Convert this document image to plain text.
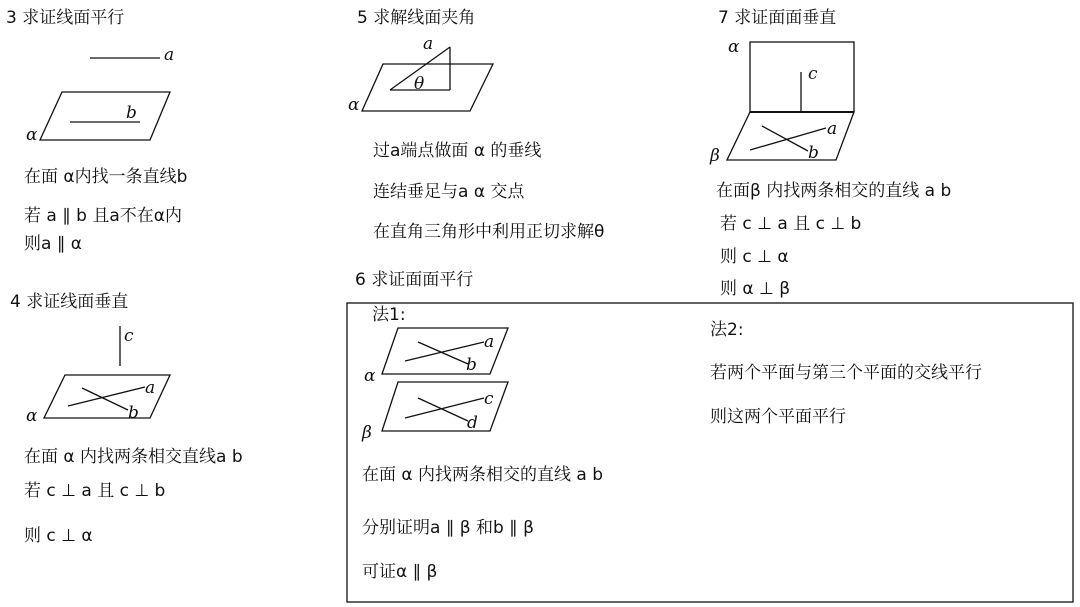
a
b
α
c
a
b
α
a
θ
α
a
b
c
d
α
β
α
c
a
b
β
3 求证线面平行
在面 α内找一条直线b
若 a ∥ b 且a不在α内
则a ∥ α
4 求证线面垂直
在面 α 内找两条相交直线a b
若 c ⊥ a 且 c ⊥ b
则 c ⊥ α
5 求解线面夹角
过a端点做面 α 的垂线
连结垂足与a α 交点
在直角三角形中利用正切求解θ
6 求证面面平行
法1:
在面 α 内找两条相交的直线 a b
分别证明a ∥ β 和b ∥ β
可证α ∥ β
法2:
若两个平面与第三个平面的交线平行
则这两个平面平行
7 求证面面垂直
在面β 内找两条相交的直线 a b
若 c ⊥ a 且 c ⊥ b
则 c ⊥ α
则 α ⊥ β
